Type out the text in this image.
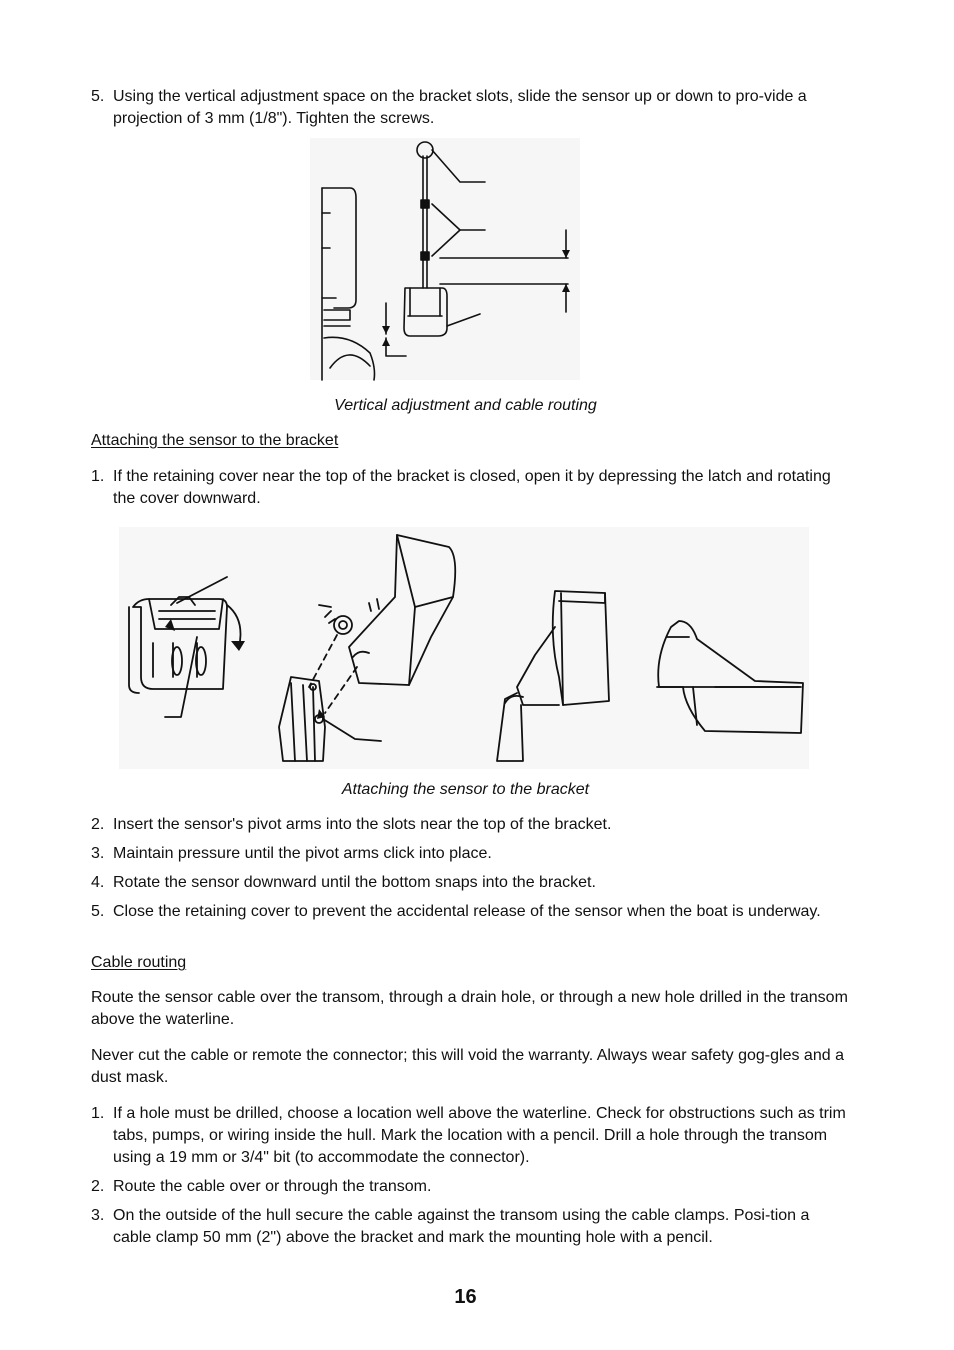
5. Using the vertical adjustment space on the bracket slots, slide the sensor up or down to pro-vide a projection of 3 mm (1/8"). Tighten the screws.
Vertical adjustment and cable routing
Attaching the sensor to the bracket
1. If the retaining cover near the top of the bracket is closed, open it by depressing the latch and rotating the cover downward.
Attaching the sensor to the bracket
2. Insert the sensor's pivot arms into the slots near the top of the bracket.
3. Maintain pressure until the pivot arms click into place.
4. Rotate the sensor downward until the bottom snaps into the bracket.
5. Close the retaining cover to prevent the accidental release of the sensor when the boat is underway.
Cable routing
Route the sensor cable over the transom, through a drain hole, or through a new hole drilled in the transom above the waterline.
Never cut the cable or remote the connector; this will void the warranty. Always wear safety gog-gles and a dust mask.
1. If a hole must be drilled, choose a location well above the waterline. Check for obstructions such as trim tabs, pumps, or wiring inside the hull. Mark the location with a pencil. Drill a hole through the transom using a 19 mm or 3/4" bit (to accommodate the connector).
2. Route the cable over or through the transom.
3. On the outside of the hull secure the cable against the transom using the cable clamps. Posi-tion a cable clamp 50 mm (2") above the bracket and mark the mounting hole with a pencil.
16
